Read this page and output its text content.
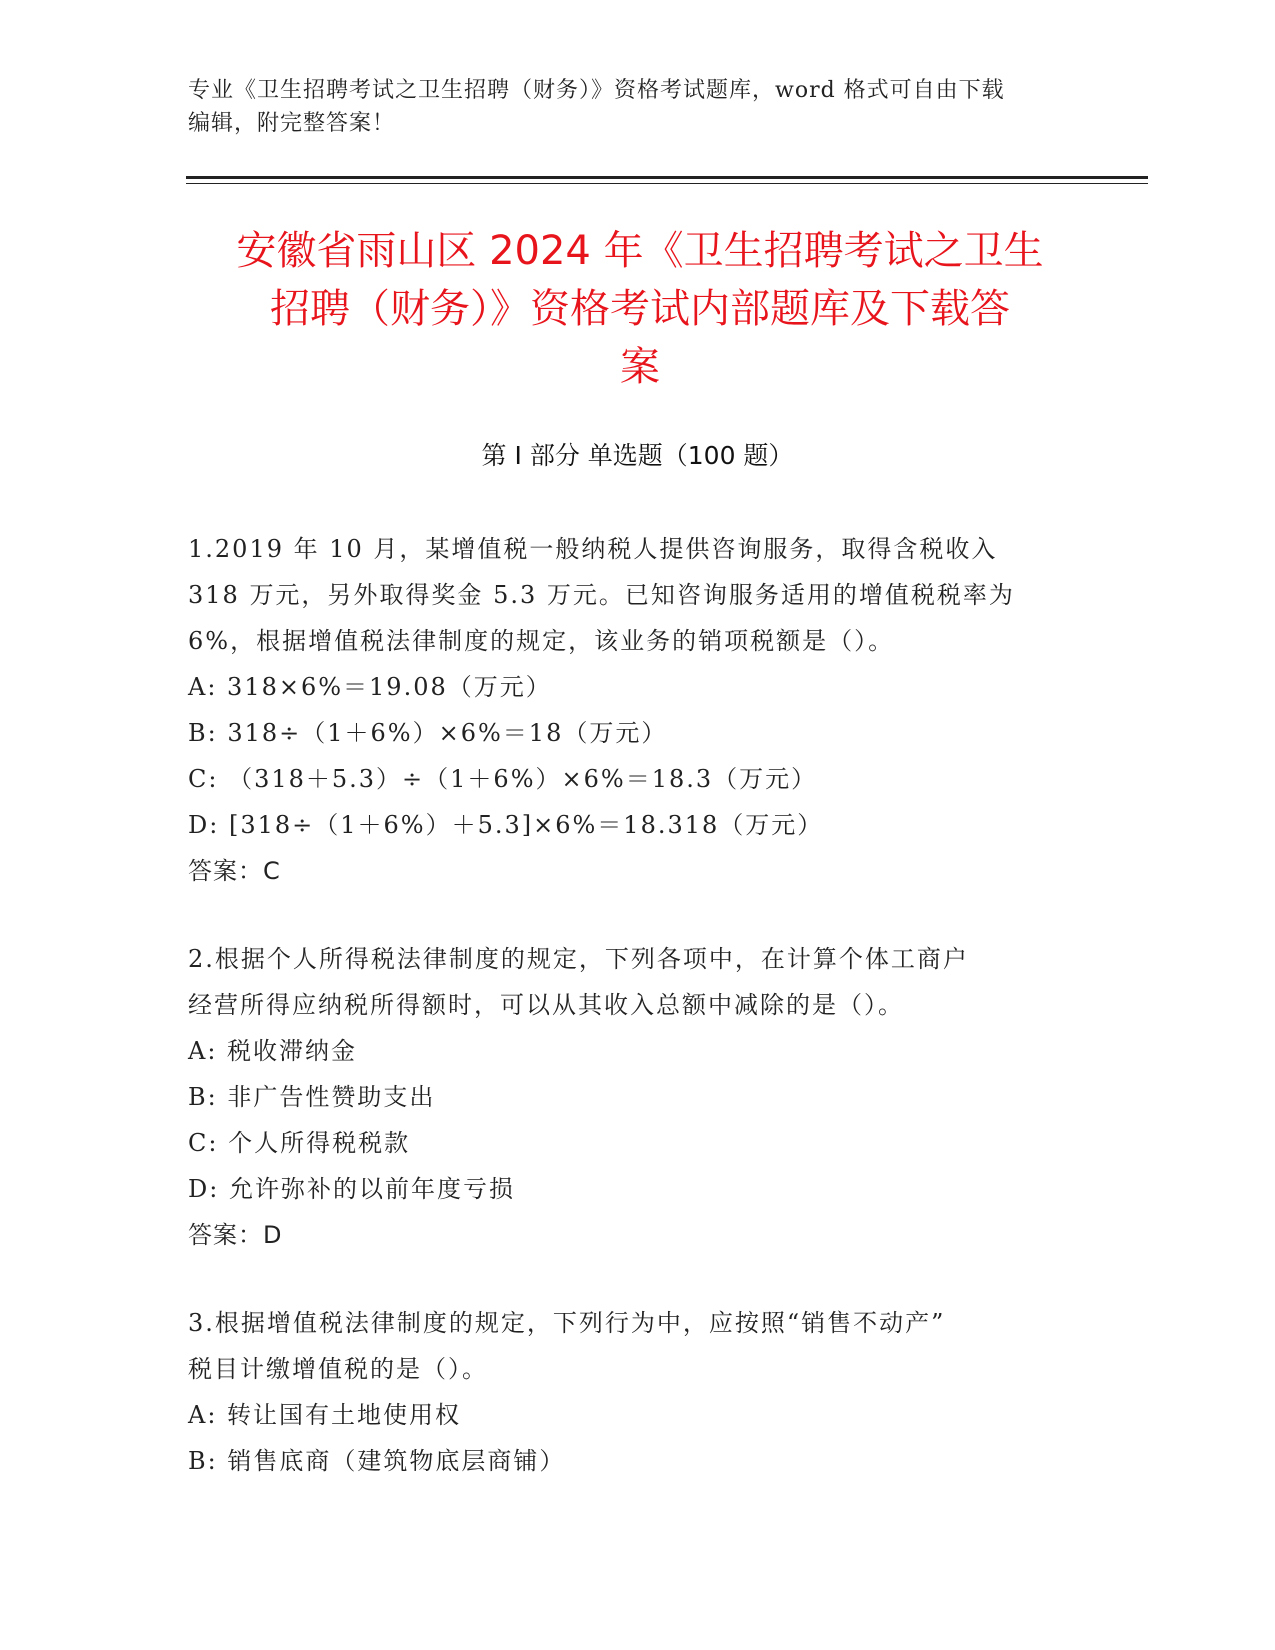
专业《卫生招聘考试之卫生招聘（财务）》资格考试题库，word 格式可自由下载
编辑，附完整答案！
安徽省雨山区 2024 年《卫生招聘考试之卫生
招聘（财务）》资格考试内部题库及下载答
案
第 I 部分 单选题（100 题）

1.2019 年 10 月，某增值税一般纳税人提供咨询服务，取得含税收入

318 万元，另外取得奖金 5.3 万元。已知咨询服务适用的增值税税率为

6%，根据增值税法律制度的规定，该业务的销项税额是（）。

A: 318×6%＝19.08（万元）

B: 318÷（1＋6%）×6%＝18（万元）

C: （318＋5.3）÷（1＋6%）×6%＝18.3（万元）

D: [318÷（1＋6%）＋5.3]×6%＝18.318（万元）

答案：C

2.根据个人所得税法律制度的规定，下列各项中，在计算个体工商户

经营所得应纳税所得额时，可以从其收入总额中减除的是（）。

A: 税收滞纳金

B: 非广告性赞助支出

C: 个人所得税税款

D: 允许弥补的以前年度亏损

答案：D

3.根据增值税法律制度的规定，下列行为中，应按照“销售不动产”

税目计缴增值税的是（）。

A: 转让国有土地使用权

B: 销售底商（建筑物底层商铺）
